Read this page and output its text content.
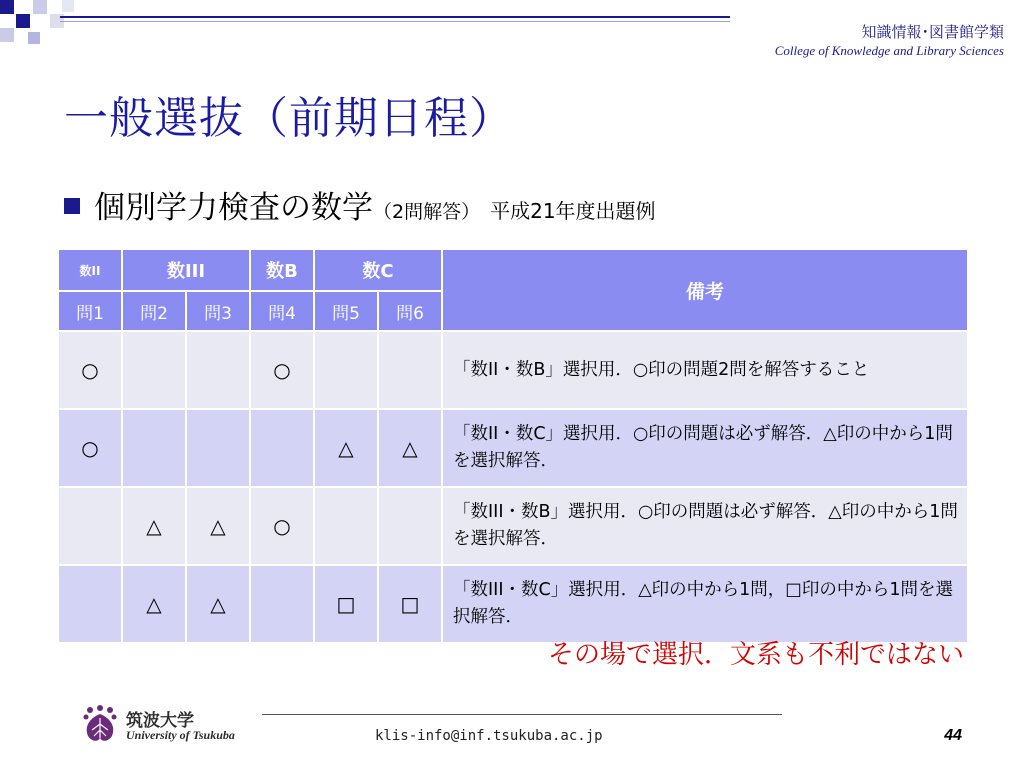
知識情報･図書館学類
College of Knowledge and Library Sciences
一般選抜（前期日程）
個別学力検査の数学（2問解答） 平成21年度出題例
数II	数III		数B	数C		備考
問1	問2	問3	問4	問5	問6	
○			○			「数II・数B」選択用．○印の問題2問を解答すること
○				△	△	「数II・数C」選択用．○印の問題は必ず解答．△印の中から1問を選択解答．
	△	△	○			「数III・数B」選択用．○印の問題は必ず解答．△印の中から1問を選択解答．
	△	△		□	□	「数III・数C」選択用．△印の中から1問，□印の中から1問を選択解答．
その場で選択．文系も不利ではない
筑波大学
University of Tsukuba	klis-info@inf.tsukuba.ac.jp	44
